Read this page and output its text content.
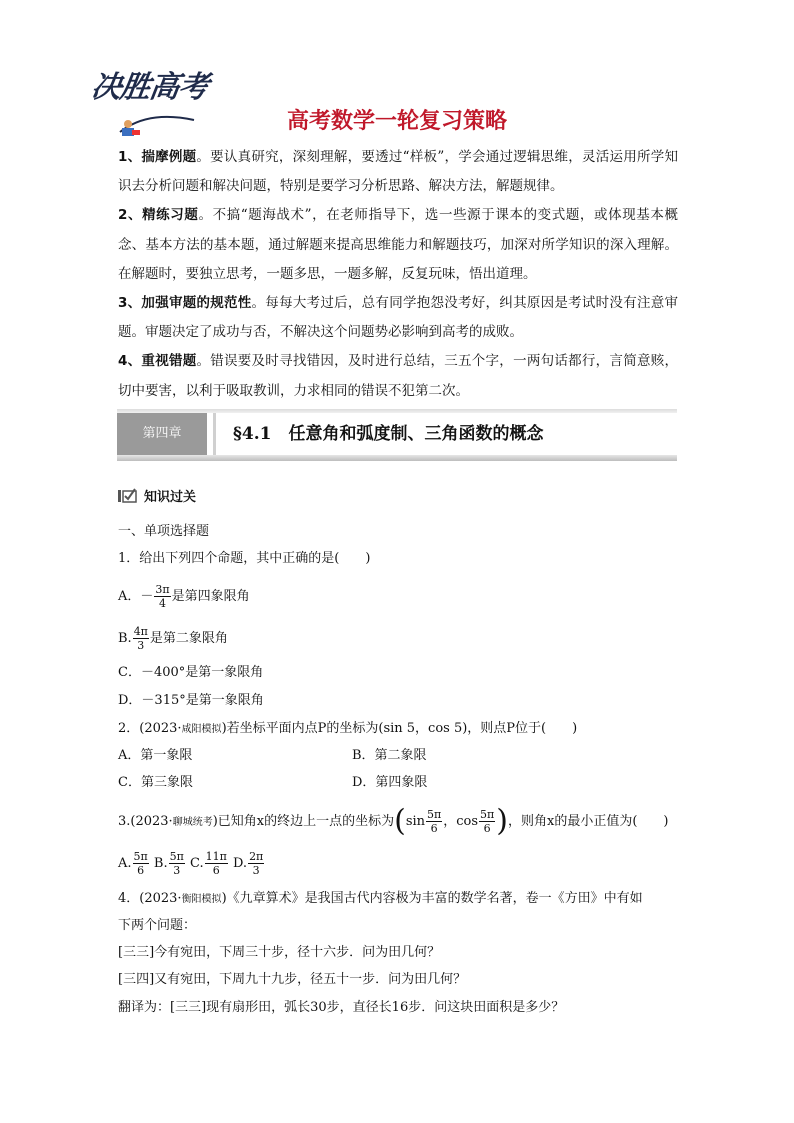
决胜高考
高考数学一轮复习策略

1、揣摩例题。要认真研究，深刻理解，要透过“样板”，学会通过逻辑思维，灵活运用所学知识去分析问题和解决问题，特别是要学习分析思路、解决方法，解题规律。

2、精练习题。不搞“题海战术”，在老师指导下，选一些源于课本的变式题，或体现基本概念、基本方法的基本题，通过解题来提高思维能力和解题技巧，加深对所学知识的深入理解。在解题时，要独立思考，一题多思，一题多解，反复玩味，悟出道理。

3、加强审题的规范性。每每大考过后，总有同学抱怨没考好，纠其原因是考试时没有注意审题。审题决定了成功与否，不解决这个问题势必影响到高考的成败。

4、重视错题。错误要及时寻找错因，及时进行总结，三五个字，一两句话都行，言简意赅，切中要害，以利于吸取教训，力求相同的错误不犯第二次。

第四章	§4.1　任意角和弧度制、三角函数的概念
知识过关
一、单项选择题
1．给出下列四个命题，其中正确的是(　　)
A．－ $\frac{3\pi}{4}$ 是第四象限角
B. $\frac{4\pi}{3}$ 是第二象限角
C．－400°是第一象限角
D．－315°是第一象限角
2．(2023·咸阳模拟)若坐标平面内点P的坐标为(sin 5，cos 5)，则点P位于(　　)
A．第一象限	B．第二象限
C．第三象限	D．第四象限
3.(2023·聊城统考)已知角x的终边上一点的坐标为($\sin \frac{5\pi}{6}$ ，$\cos \frac{5\pi}{6}$ )，则角x的最小正值为(　　)
A. $\frac{5\pi}{6} B$. $\frac{5\pi}{3} C$. $\frac{11\pi}{6} D$. $\frac{2\pi}{3}$
4．(2023·衡阳模拟)《九章算术》是我国古代内容极为丰富的数学名著，卷一《方田》中有如
下两个问题：
[三三]今有宛田，下周三十步，径十六步．问为田几何？
[三四]又有宛田，下周九十九步，径五十一步．问为田几何？
翻译为：[三三]现有扇形田，弧长30步，直径长16步．问这块田面积是多少？
